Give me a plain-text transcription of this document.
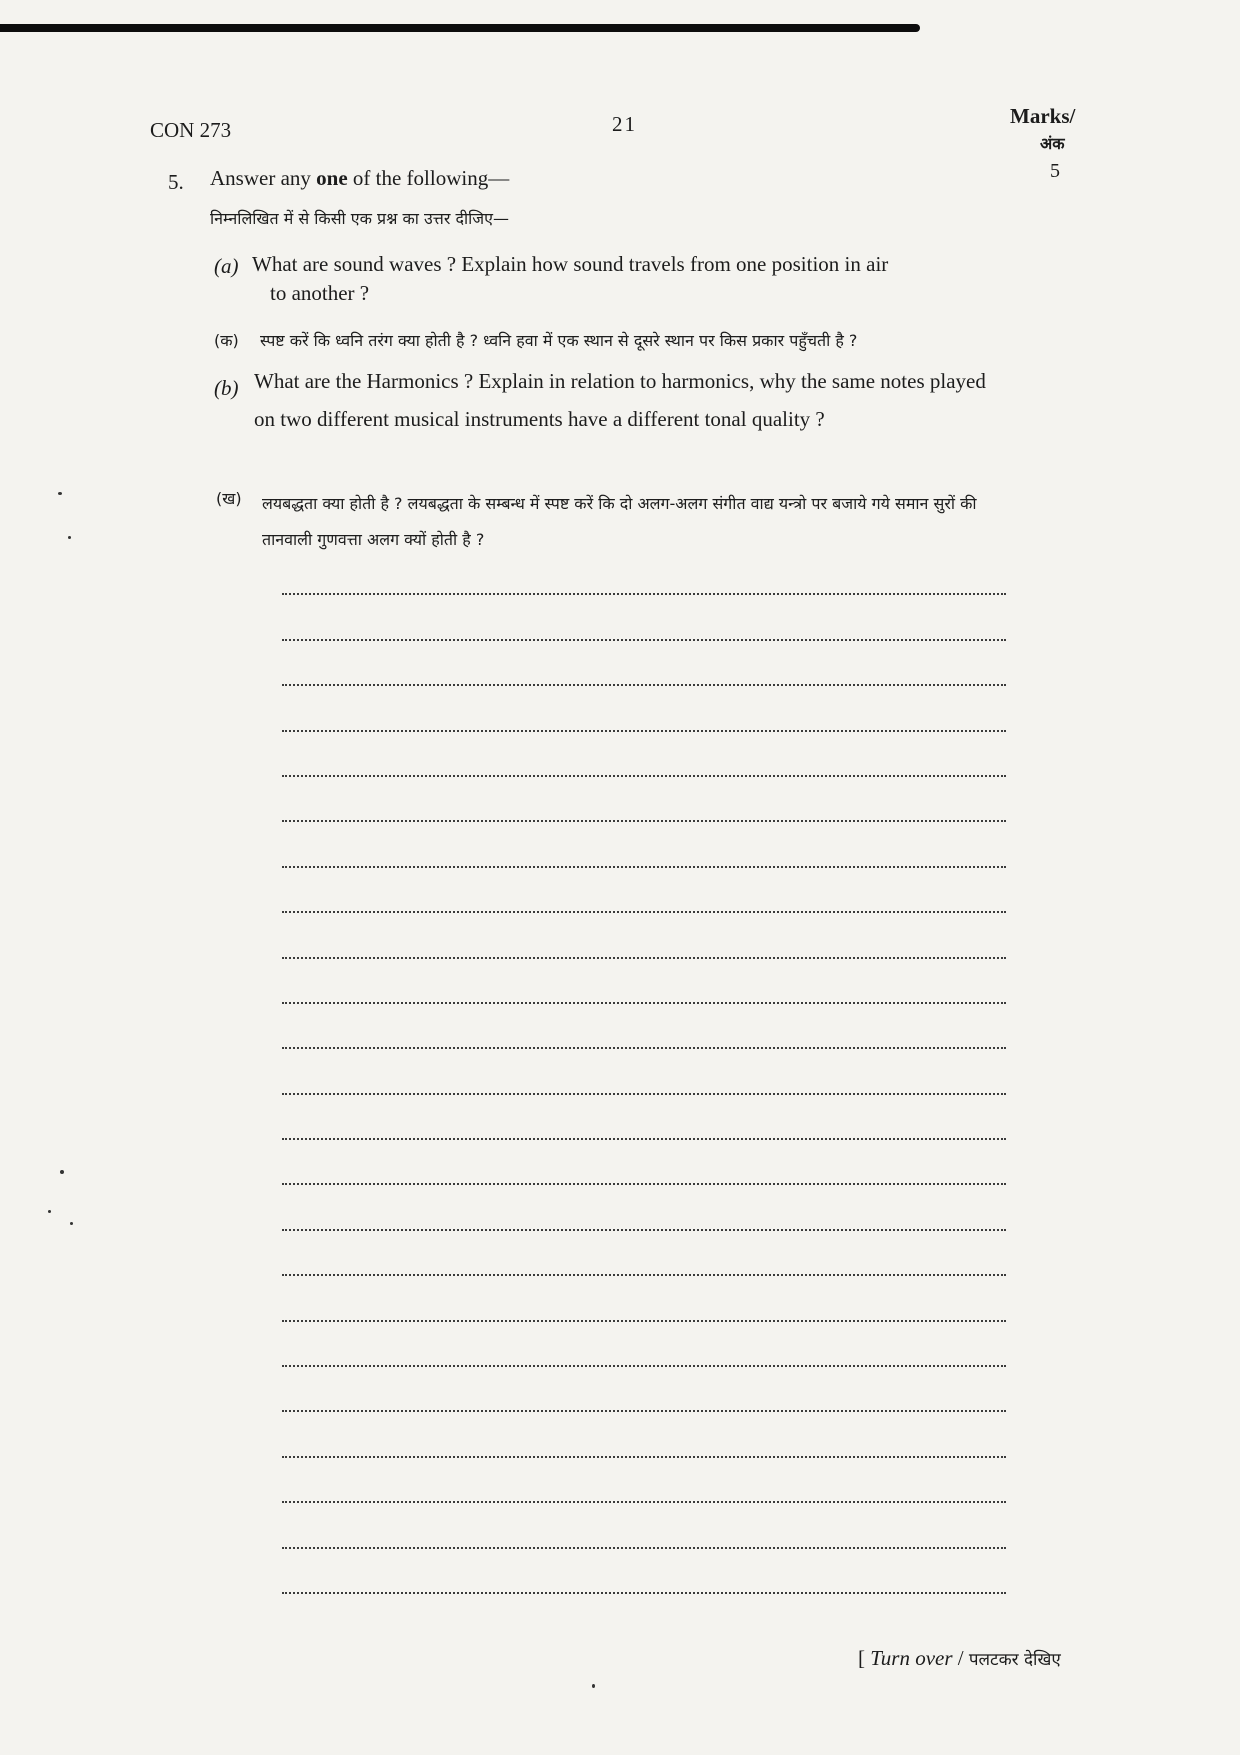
CON 273	21	Marks/
अंक
5
5. Answer any one of the following—
निम्नलिखित में से किसी एक प्रश्न का उत्तर दीजिए—
(a) What are sound waves ? Explain how sound travels from one position in air
to another ?
(क) स्पष्ट करें कि ध्वनि तरंग क्या होती है ? ध्वनि हवा में एक स्थान से दूसरे स्थान पर किस प्रकार पहुँचती है ?
(b) What are the Harmonics ? Explain in relation to harmonics, why the same notes played on two different musical instruments have a different tonal quality ?
(ख) लयबद्धता क्या होती है ? लयबद्धता के सम्बन्ध में स्पष्ट करें कि दो अलग-अलग संगीत वाद्य यन्त्रो पर बजाये गये समान सुरों की तानवाली गुणवत्ता अलग क्यों होती है ?
[ Turn over / पलटकर देखिए
